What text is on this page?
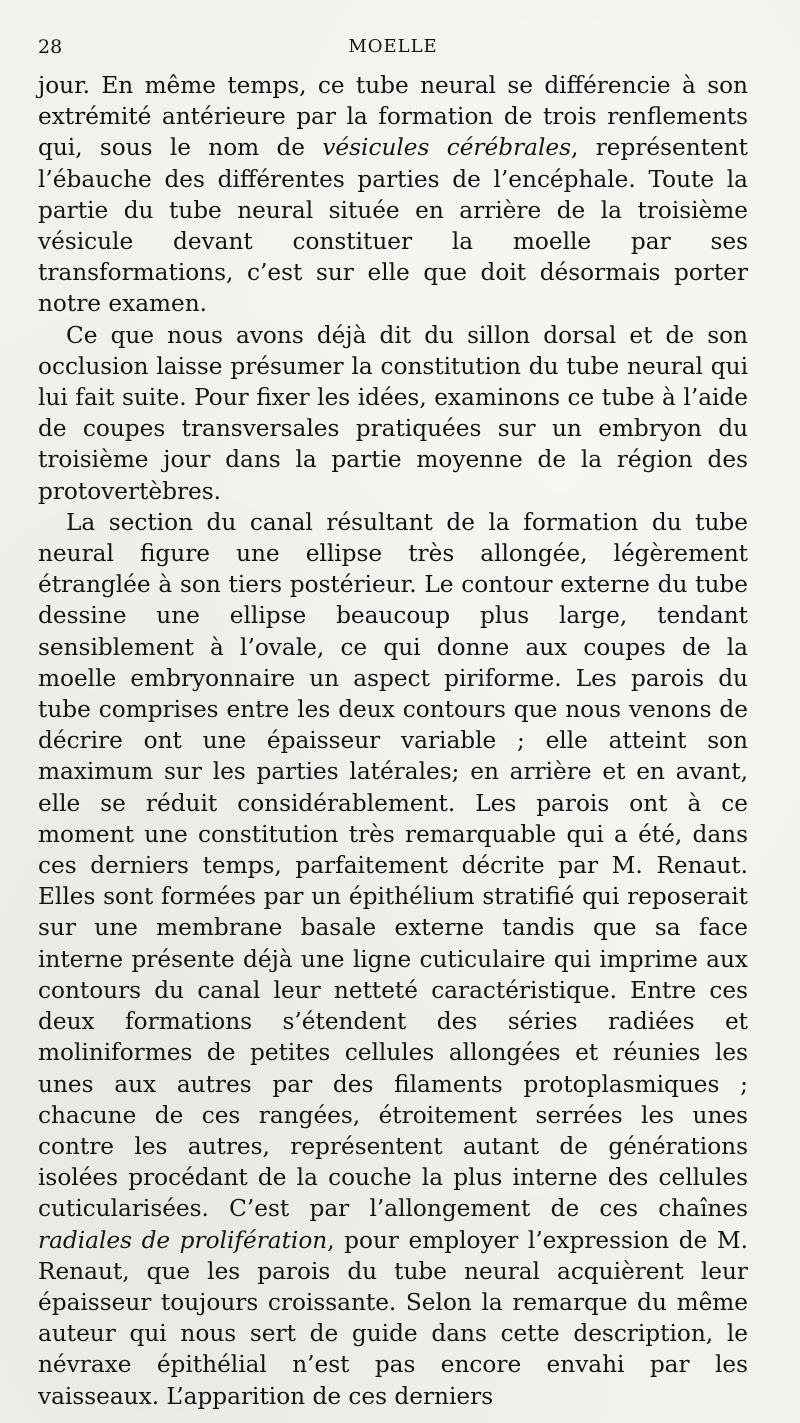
28	MOELLE

jour. En même temps, ce tube neural se différencie à son extrémité antérieure par la formation de trois renflements qui, sous le nom de vésicules cérébrales, représentent l’ébauche des différentes parties de l’encéphale. Toute la partie du tube neural située en arrière de la troisième vésicule devant constituer la moelle par ses transformations, c’est sur elle que doit désormais porter notre examen.

Ce que nous avons déjà dit du sillon dorsal et de son occlusion laisse présumer la constitution du tube neural qui lui fait suite. Pour fixer les idées, examinons ce tube à l’aide de coupes transversales pratiquées sur un embryon du troisième jour dans la partie moyenne de la région des protovertèbres.

La section du canal résultant de la formation du tube neural figure une ellipse très allongée, légèrement étranglée à son tiers postérieur. Le contour externe du tube dessine une ellipse beaucoup plus large, tendant sensiblement à l’ovale, ce qui donne aux coupes de la moelle embryonnaire un aspect piriforme. Les parois du tube comprises entre les deux contours que nous venons de décrire ont une épaisseur variable ; elle atteint son maximum sur les parties latérales; en arrière et en avant, elle se réduit considérablement. Les parois ont à ce moment une constitution très remarquable qui a été, dans ces derniers temps, parfaitement décrite par M. Renaut. Elles sont formées par un épithélium stratifié qui reposerait sur une membrane basale externe tandis que sa face interne présente déjà une ligne cuticulaire qui imprime aux contours du canal leur netteté caractéristique. Entre ces deux formations s’étendent des séries radiées et moliniformes de petites cellules allongées et réunies les unes aux autres par des filaments protoplasmiques ; chacune de ces rangées, étroitement serrées les unes contre les autres, représentent autant de générations isolées procédant de la couche la plus interne des cellules cuticularisées. C’est par l’allongement de ces chaînes radiales de prolifération, pour employer l’expression de M. Renaut, que les parois du tube neural acquièrent leur épaisseur toujours croissante. Selon la remarque du même auteur qui nous sert de guide dans cette description, le névraxe épithélial n’est pas encore envahi par les vaisseaux. L’apparition de ces derniers
